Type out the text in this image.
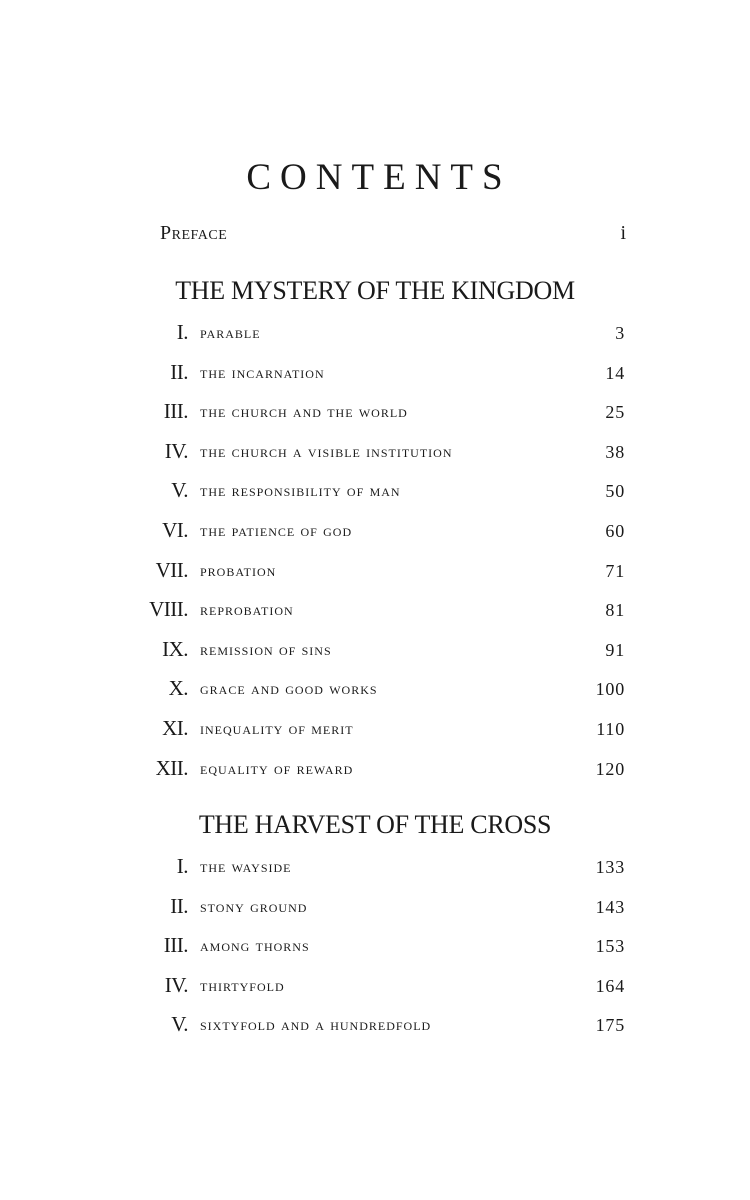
CONTENTS
Preface	i
THE MYSTERY OF THE KINGDOM
I. parable	3
II. the incarnation	14
III. the church and the world	25
IV. the church a visible institution	38
V. the responsibility of man	50
VI. the patience of god	60
VII. probation	71
VIII. reprobation	81
IX. remission of sins	91
X. grace and good works	100
XI. inequality of merit	110
XII. equality of reward	120
THE HARVEST OF THE CROSS
I. the wayside	133
II. stony ground	143
III. among thorns	153
IV. thirtyfold	164
V. sixtyfold and a hundredfold	175
